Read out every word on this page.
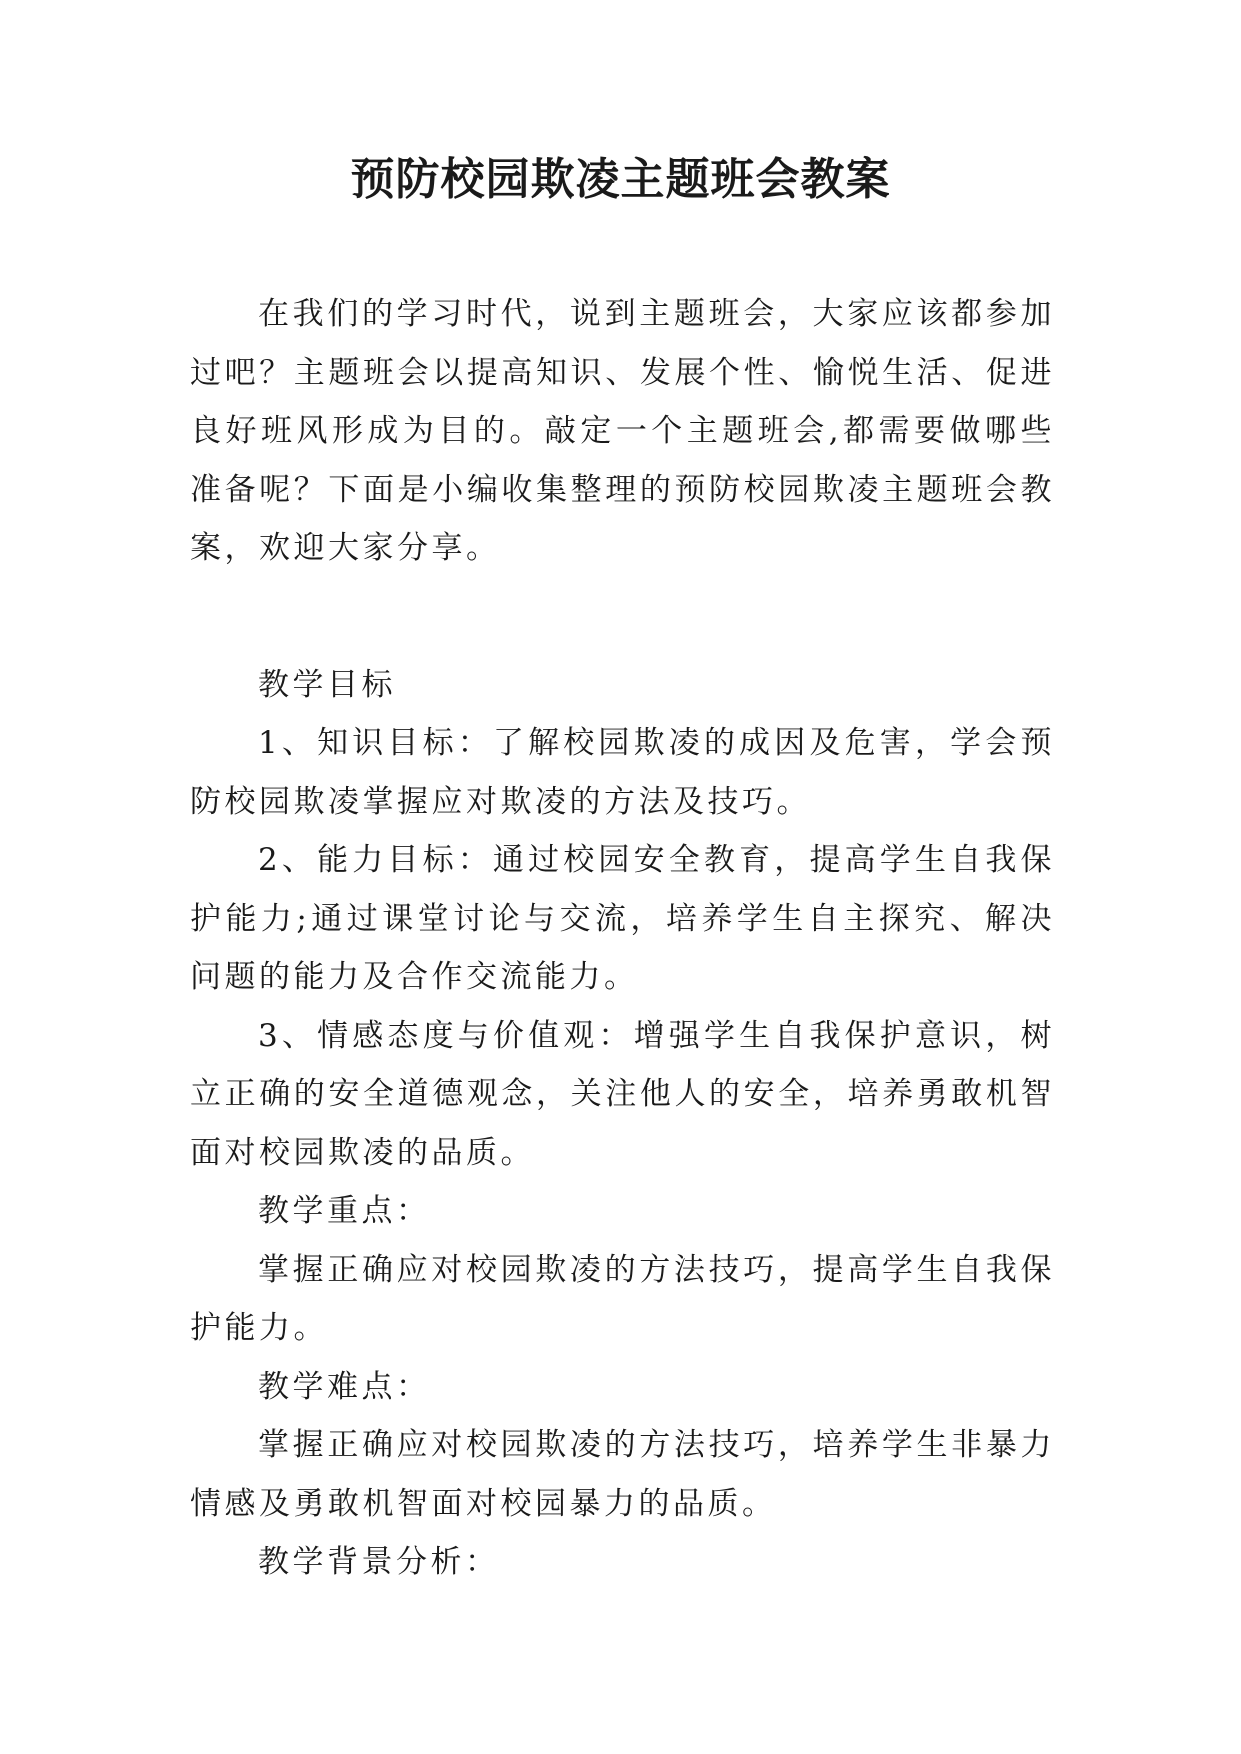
预防校园欺凌主题班会教案

在我们的学习时代，说到主题班会，大家应该都参加过吧？主题班会以提高知识、发展个性、愉悦生活、促进良好班风形成为目的。敲定一个主题班会,都需要做哪些准备呢？下面是小编收集整理的预防校园欺凌主题班会教案，欢迎大家分享。

教学目标

1、知识目标：了解校园欺凌的成因及危害，学会预防校园欺凌掌握应对欺凌的方法及技巧。

2、能力目标：通过校园安全教育，提高学生自我保护能力;通过课堂讨论与交流，培养学生自主探究、解决问题的能力及合作交流能力。

3、情感态度与价值观：增强学生自我保护意识，树立正确的安全道德观念，关注他人的安全，培养勇敢机智面对校园欺凌的品质。

教学重点：

掌握正确应对校园欺凌的方法技巧，提高学生自我保护能力。

教学难点：

掌握正确应对校园欺凌的方法技巧，培养学生非暴力情感及勇敢机智面对校园暴力的品质。

教学背景分析：
